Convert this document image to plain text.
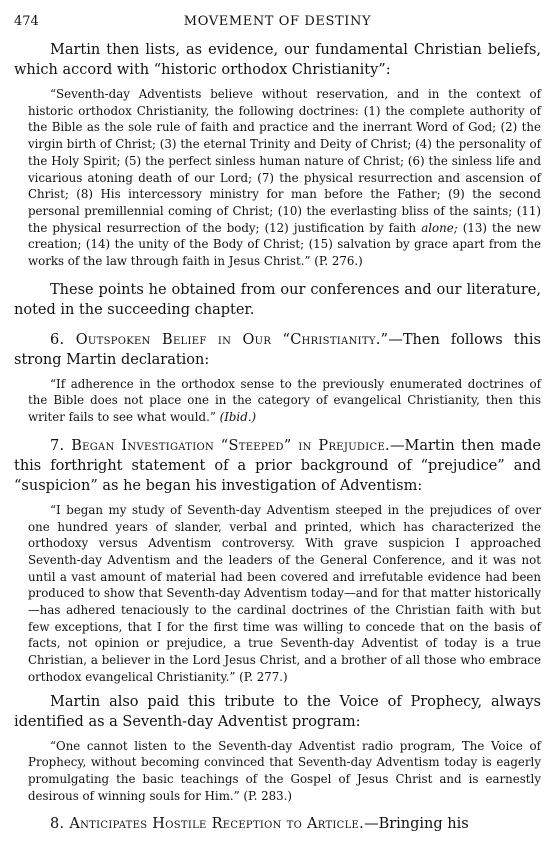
474	MOVEMENT OF DESTINY

Martin then lists, as evidence, our fundamental Christian beliefs, which accord with “historic orthodox Christianity”:

“Seventh-day Adventists believe without reservation, and in the context of historic orthodox Christianity, the following doctrines: (1) the complete authority of the Bible as the sole rule of faith and practice and the inerrant Word of God; (2) the virgin birth of Christ; (3) the eternal Trinity and Deity of Christ; (4) the personality of the Holy Spirit; (5) the perfect sinless human nature of Christ; (6) the sinless life and vicarious atoning death of our Lord; (7) the physical resurrection and ascension of Christ; (8) His intercessory ministry for man before the Father; (9) the second personal premillennial coming of Christ; (10) the everlasting bliss of the saints; (11) the physical resurrection of the body; (12) justification by faith alone; (13) the new creation; (14) the unity of the Body of Christ; (15) salvation by grace apart from the works of the law through faith in Jesus Christ.” (P. 276.)

These points he obtained from our conferences and our literature, noted in the succeeding chapter.

6. Outspoken Belief in Our “Christianity.”—Then follows this strong Martin declaration:

“If adherence in the orthodox sense to the previously enumerated doctrines of the Bible does not place one in the category of evangelical Christianity, then this writer fails to see what would.” (Ibid.)

7. Began Investigation “Steeped” in Prejudice.—Martin then made this forthright statement of a prior background of “prejudice” and “suspicion” as he began his investigation of Adventism:

“I began my study of Seventh-day Adventism steeped in the prejudices of over one hundred years of slander, verbal and printed, which has characterized the orthodoxy versus Adventism controversy. With grave suspicion I approached Seventh-day Adventism and the leaders of the General Conference, and it was not until a vast amount of material had been covered and irrefutable evidence had been produced to show that Seventh-day Adventism today—and for that matter historically—has adhered tenaciously to the cardinal doctrines of the Christian faith with but few exceptions, that I for the first time was willing to concede that on the basis of facts, not opinion or prejudice, a true Seventh-day Adventist of today is a true Christian, a believer in the Lord Jesus Christ, and a brother of all those who embrace orthodox evangelical Christianity.” (P. 277.)

Martin also paid this tribute to the Voice of Prophecy, always identified as a Seventh-day Adventist program:

“One cannot listen to the Seventh-day Adventist radio program, The Voice of Prophecy, without becoming convinced that Seventh-day Adventism today is eagerly promulgating the basic teachings of the Gospel of Jesus Christ and is earnestly desirous of winning souls for Him.” (P. 283.)

8. Anticipates Hostile Reception to Article.—Bringing his
